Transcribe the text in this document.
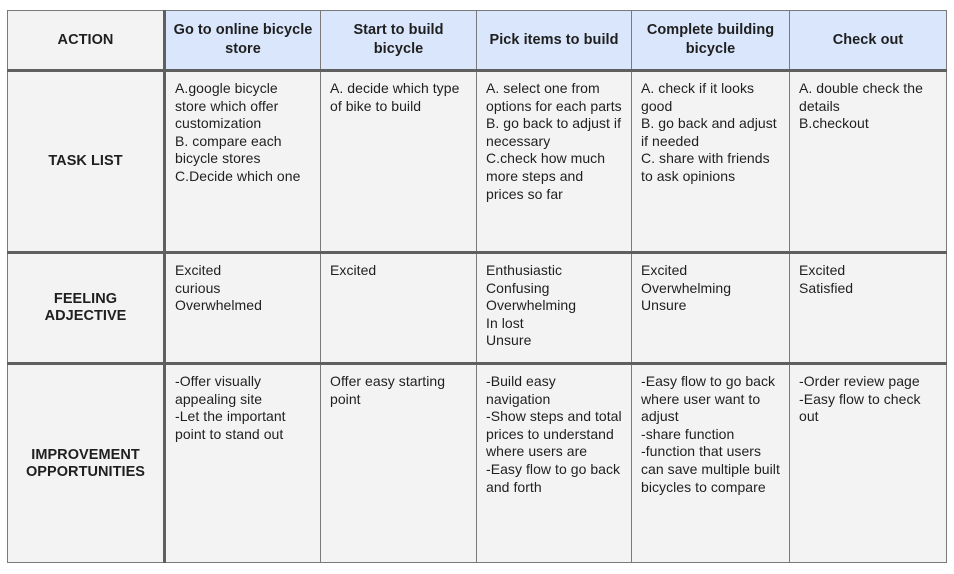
ACTION	Go to online bicycle store	Start to build bicycle	Pick items to build	Complete building bicycle	Check out
TASK LIST	A.google bicycle store which offer customization
B. compare each bicycle stores
C.Decide which one	A. decide which type of bike to build	A. select one from options for each parts
B. go back to adjust if necessary
C.check how much more steps and prices so far	A. check if it looks good
B. go back and adjust if needed
C. share with friends to ask opinions	A. double check the details
B.checkout

FEELING ADJECTIVE	Excited
curious
Overwhelmed	Excited	Enthusiastic
Confusing
Overwhelming
In lost
Unsure	Excited
Overwhelming
Unsure	Excited
Satisfied

IMPROVEMENT OPPORTUNITIES	-Offer visually appealing site
-Let the important point to stand out	Offer easy starting point	-Build easy navigation
-Show steps and total prices to understand where users are
-Easy flow to go back and forth	-Easy flow to go back where user want to adjust
-share function
-function that users can save multiple built bicycles to compare	-Order review page
-Easy flow to check out
